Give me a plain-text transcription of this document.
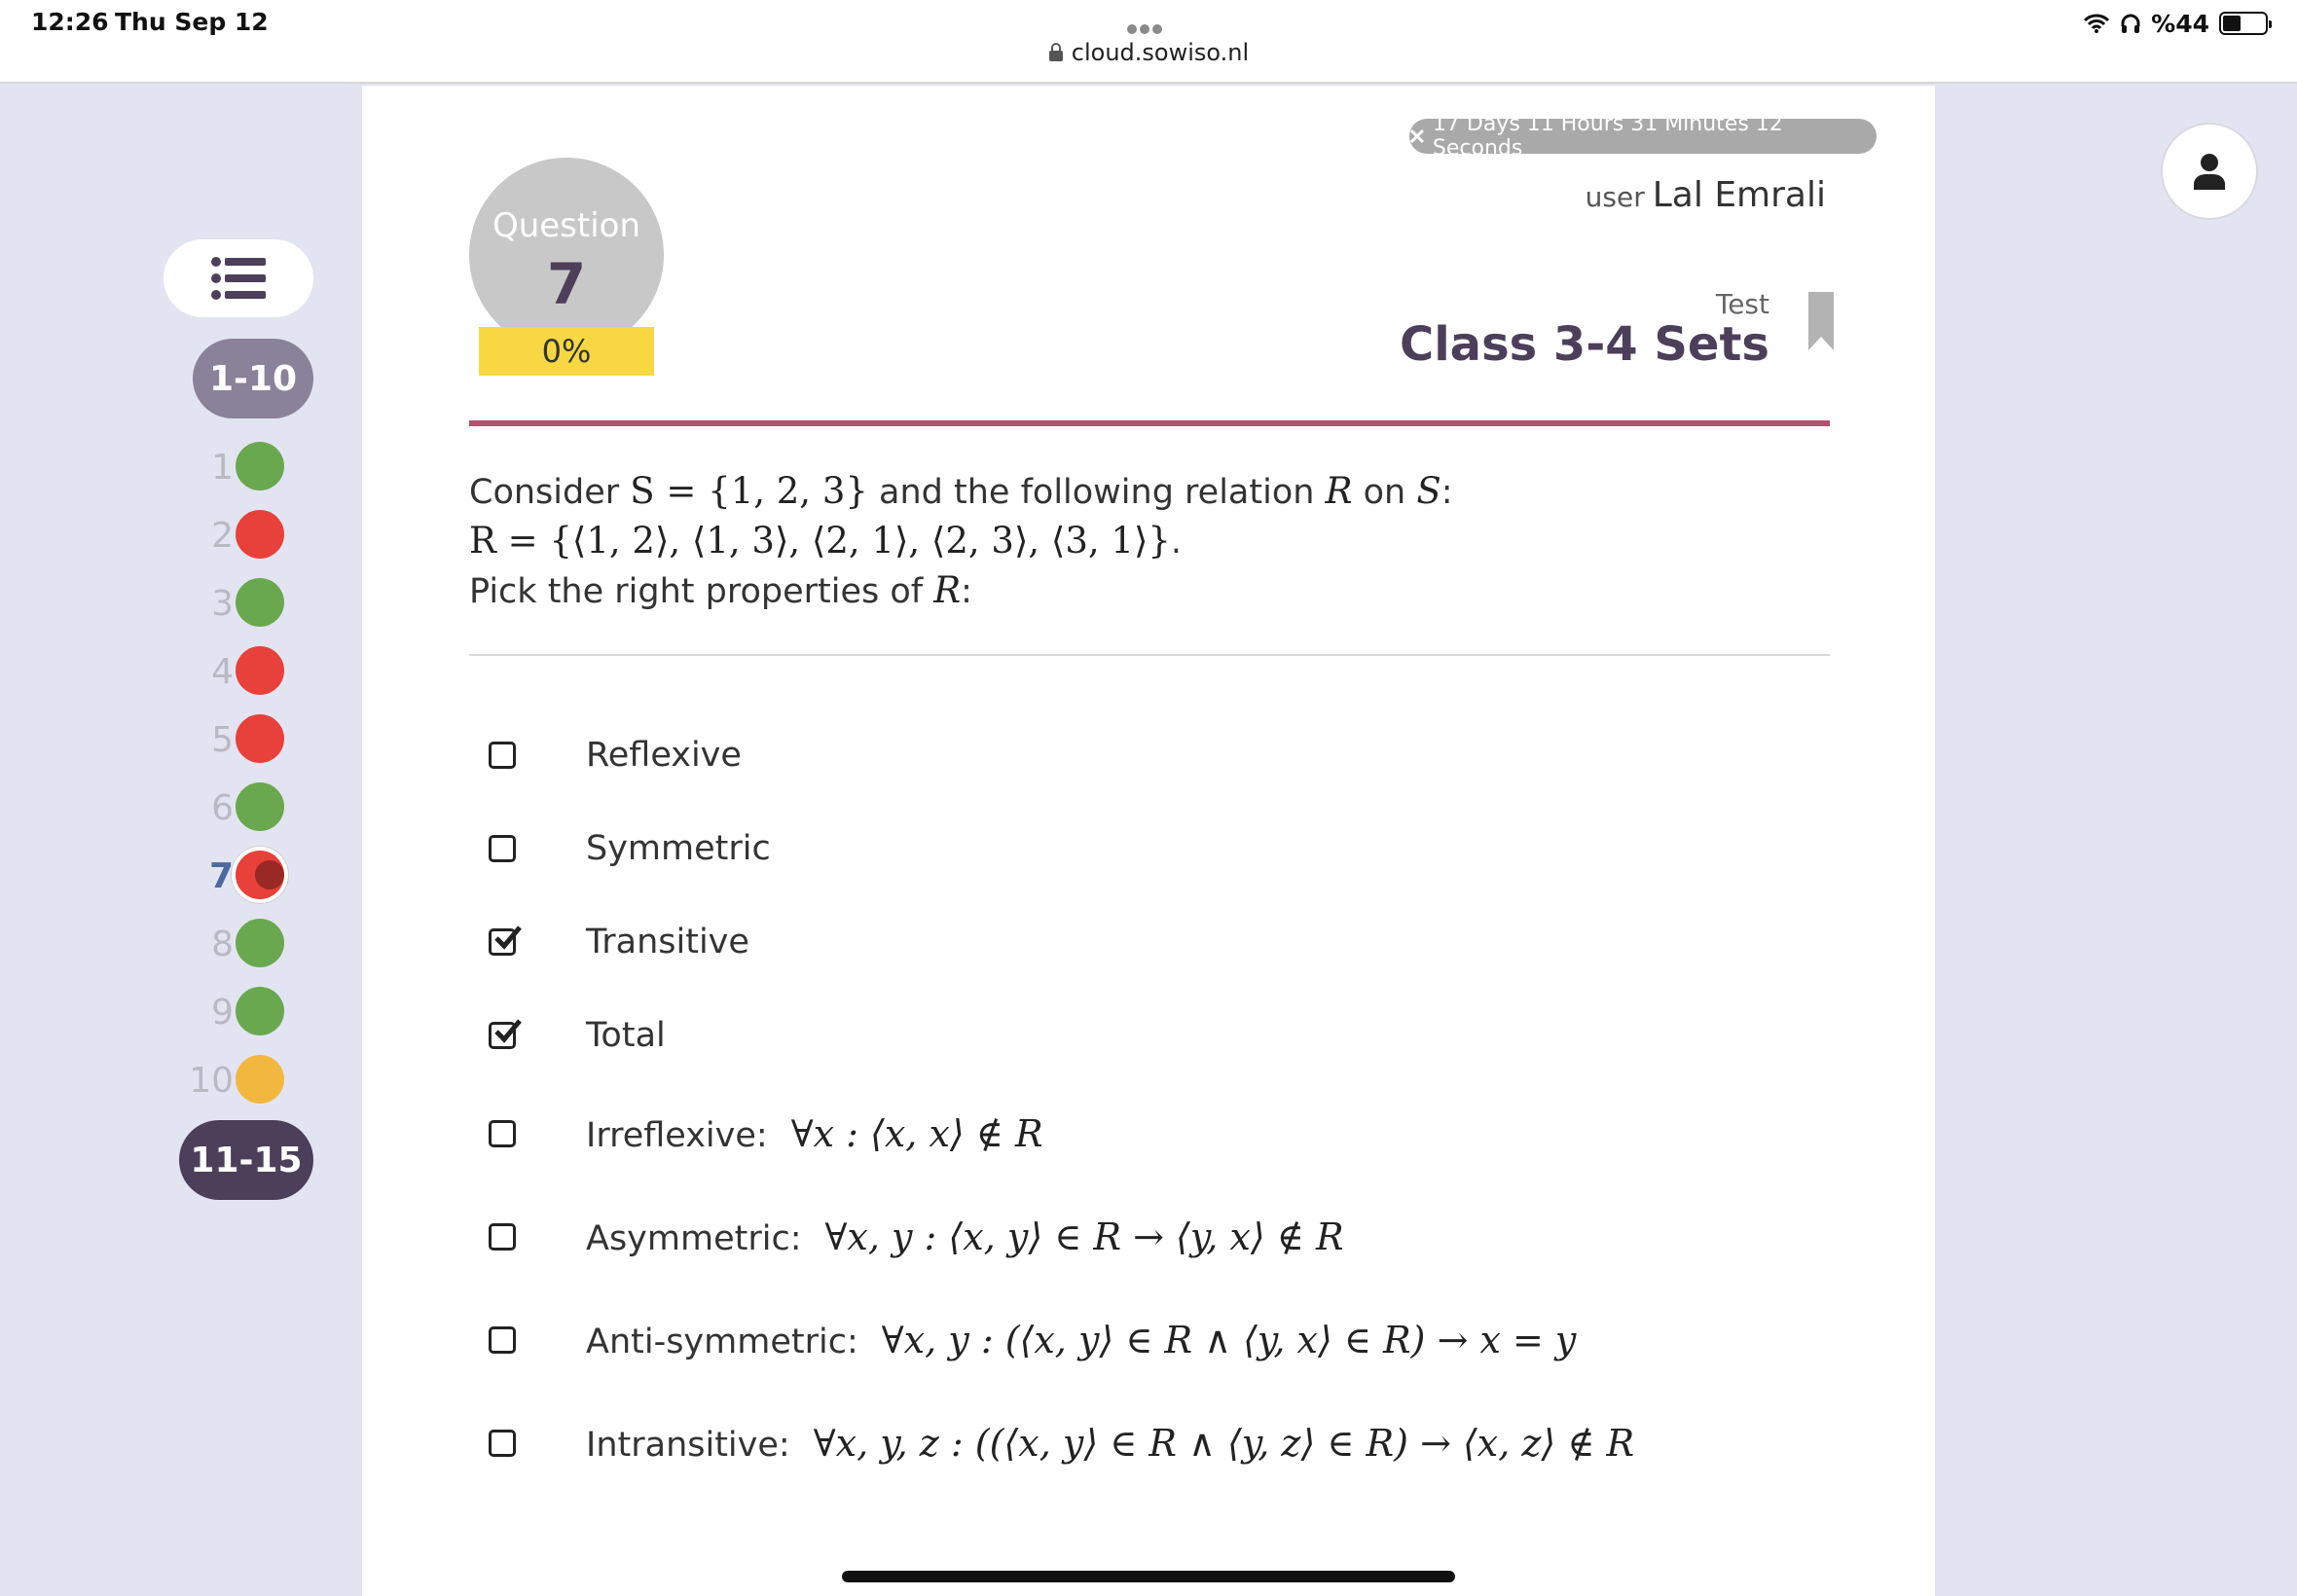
12:26 Thu Sep 12
cloud.sowiso.nl
%44
1-10
1
2
3
4
5
6
7
8
9
10
11-15
17 Days 11 Hours 31 Minutes 12 Seconds
user Lal Emrali
Question
7
0%
Test
Class 3-4 Sets
Consider S = {1, 2, 3} and the following relation R on S:
R = {⟨1, 2⟩, ⟨1, 3⟩, ⟨2, 1⟩, ⟨2, 3⟩, ⟨3, 1⟩}.
Pick the right properties of R:
Reflexive
Symmetric
Transitive
Total
Irreflexive: ∀x : ⟨x, x⟩ ∉ R
Asymmetric: ∀x, y : ⟨x, y⟩ ∈ R → ⟨y, x⟩ ∉ R
Anti-symmetric: ∀x, y : (⟨x, y⟩ ∈ R ∧ ⟨y, x⟩ ∈ R) → x = y
Intransitive: ∀x, y, z : ((⟨x, y⟩ ∈ R ∧ ⟨y, z⟩ ∈ R) → ⟨x, z⟩ ∉ R
